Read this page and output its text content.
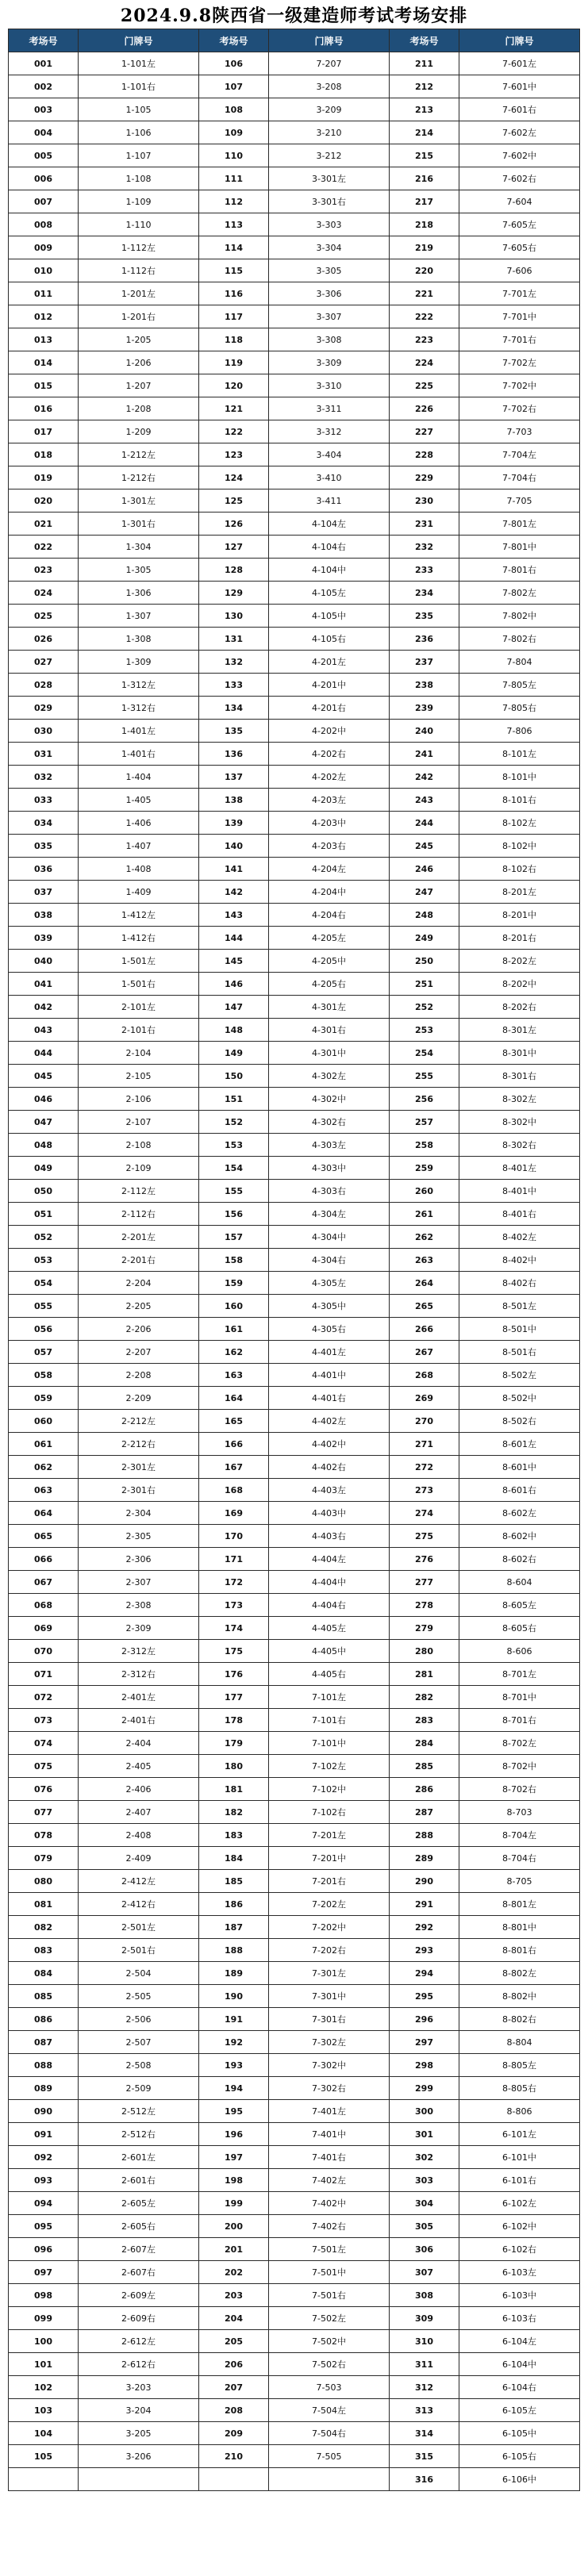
2024.9.8陕西省一级建造师考试考场安排
考场号	门牌号	考场号	门牌号	考场号	门牌号
001	1-101左	106	7-207	211	7-601左
002	1-101右	107	3-208	212	7-601中
003	1-105	108	3-209	213	7-601右
004	1-106	109	3-210	214	7-602左
005	1-107	110	3-212	215	7-602中
006	1-108	111	3-301左	216	7-602右
007	1-109	112	3-301右	217	7-604
008	1-110	113	3-303	218	7-605左
009	1-112左	114	3-304	219	7-605右
010	1-112右	115	3-305	220	7-606
011	1-201左	116	3-306	221	7-701左
012	1-201右	117	3-307	222	7-701中
013	1-205	118	3-308	223	7-701右
014	1-206	119	3-309	224	7-702左
015	1-207	120	3-310	225	7-702中
016	1-208	121	3-311	226	7-702右
017	1-209	122	3-312	227	7-703
018	1-212左	123	3-404	228	7-704左
019	1-212右	124	3-410	229	7-704右
020	1-301左	125	3-411	230	7-705
021	1-301右	126	4-104左	231	7-801左
022	1-304	127	4-104右	232	7-801中
023	1-305	128	4-104中	233	7-801右
024	1-306	129	4-105左	234	7-802左
025	1-307	130	4-105中	235	7-802中
026	1-308	131	4-105右	236	7-802右
027	1-309	132	4-201左	237	7-804
028	1-312左	133	4-201中	238	7-805左
029	1-312右	134	4-201右	239	7-805右
030	1-401左	135	4-202中	240	7-806
031	1-401右	136	4-202右	241	8-101左
032	1-404	137	4-202左	242	8-101中
033	1-405	138	4-203左	243	8-101右
034	1-406	139	4-203中	244	8-102左
035	1-407	140	4-203右	245	8-102中
036	1-408	141	4-204左	246	8-102右
037	1-409	142	4-204中	247	8-201左
038	1-412左	143	4-204右	248	8-201中
039	1-412右	144	4-205左	249	8-201右
040	1-501左	145	4-205中	250	8-202左
041	1-501右	146	4-205右	251	8-202中
042	2-101左	147	4-301左	252	8-202右
043	2-101右	148	4-301右	253	8-301左
044	2-104	149	4-301中	254	8-301中
045	2-105	150	4-302左	255	8-301右
046	2-106	151	4-302中	256	8-302左
047	2-107	152	4-302右	257	8-302中
048	2-108	153	4-303左	258	8-302右
049	2-109	154	4-303中	259	8-401左
050	2-112左	155	4-303右	260	8-401中
051	2-112右	156	4-304左	261	8-401右
052	2-201左	157	4-304中	262	8-402左
053	2-201右	158	4-304右	263	8-402中
054	2-204	159	4-305左	264	8-402右
055	2-205	160	4-305中	265	8-501左
056	2-206	161	4-305右	266	8-501中
057	2-207	162	4-401左	267	8-501右
058	2-208	163	4-401中	268	8-502左
059	2-209	164	4-401右	269	8-502中
060	2-212左	165	4-402左	270	8-502右
061	2-212右	166	4-402中	271	8-601左
062	2-301左	167	4-402右	272	8-601中
063	2-301右	168	4-403左	273	8-601右
064	2-304	169	4-403中	274	8-602左
065	2-305	170	4-403右	275	8-602中
066	2-306	171	4-404左	276	8-602右
067	2-307	172	4-404中	277	8-604
068	2-308	173	4-404右	278	8-605左
069	2-309	174	4-405左	279	8-605右
070	2-312左	175	4-405中	280	8-606
071	2-312右	176	4-405右	281	8-701左
072	2-401左	177	7-101左	282	8-701中
073	2-401右	178	7-101右	283	8-701右
074	2-404	179	7-101中	284	8-702左
075	2-405	180	7-102左	285	8-702中
076	2-406	181	7-102中	286	8-702右
077	2-407	182	7-102右	287	8-703
078	2-408	183	7-201左	288	8-704左
079	2-409	184	7-201中	289	8-704右
080	2-412左	185	7-201右	290	8-705
081	2-412右	186	7-202左	291	8-801左
082	2-501左	187	7-202中	292	8-801中
083	2-501右	188	7-202右	293	8-801右
084	2-504	189	7-301左	294	8-802左
085	2-505	190	7-301中	295	8-802中
086	2-506	191	7-301右	296	8-802右
087	2-507	192	7-302左	297	8-804
088	2-508	193	7-302中	298	8-805左
089	2-509	194	7-302右	299	8-805右
090	2-512左	195	7-401左	300	8-806
091	2-512右	196	7-401中	301	6-101左
092	2-601左	197	7-401右	302	6-101中
093	2-601右	198	7-402左	303	6-101右
094	2-605左	199	7-402中	304	6-102左
095	2-605右	200	7-402右	305	6-102中
096	2-607左	201	7-501左	306	6-102右
097	2-607右	202	7-501中	307	6-103左
098	2-609左	203	7-501右	308	6-103中
099	2-609右	204	7-502左	309	6-103右
100	2-612左	205	7-502中	310	6-104左
101	2-612右	206	7-502右	311	6-104中
102	3-203	207	7-503	312	6-104右
103	3-204	208	7-504左	313	6-105左
104	3-205	209	7-504右	314	6-105中
105	3-206	210	7-505	315	6-105右
				316	6-106中
